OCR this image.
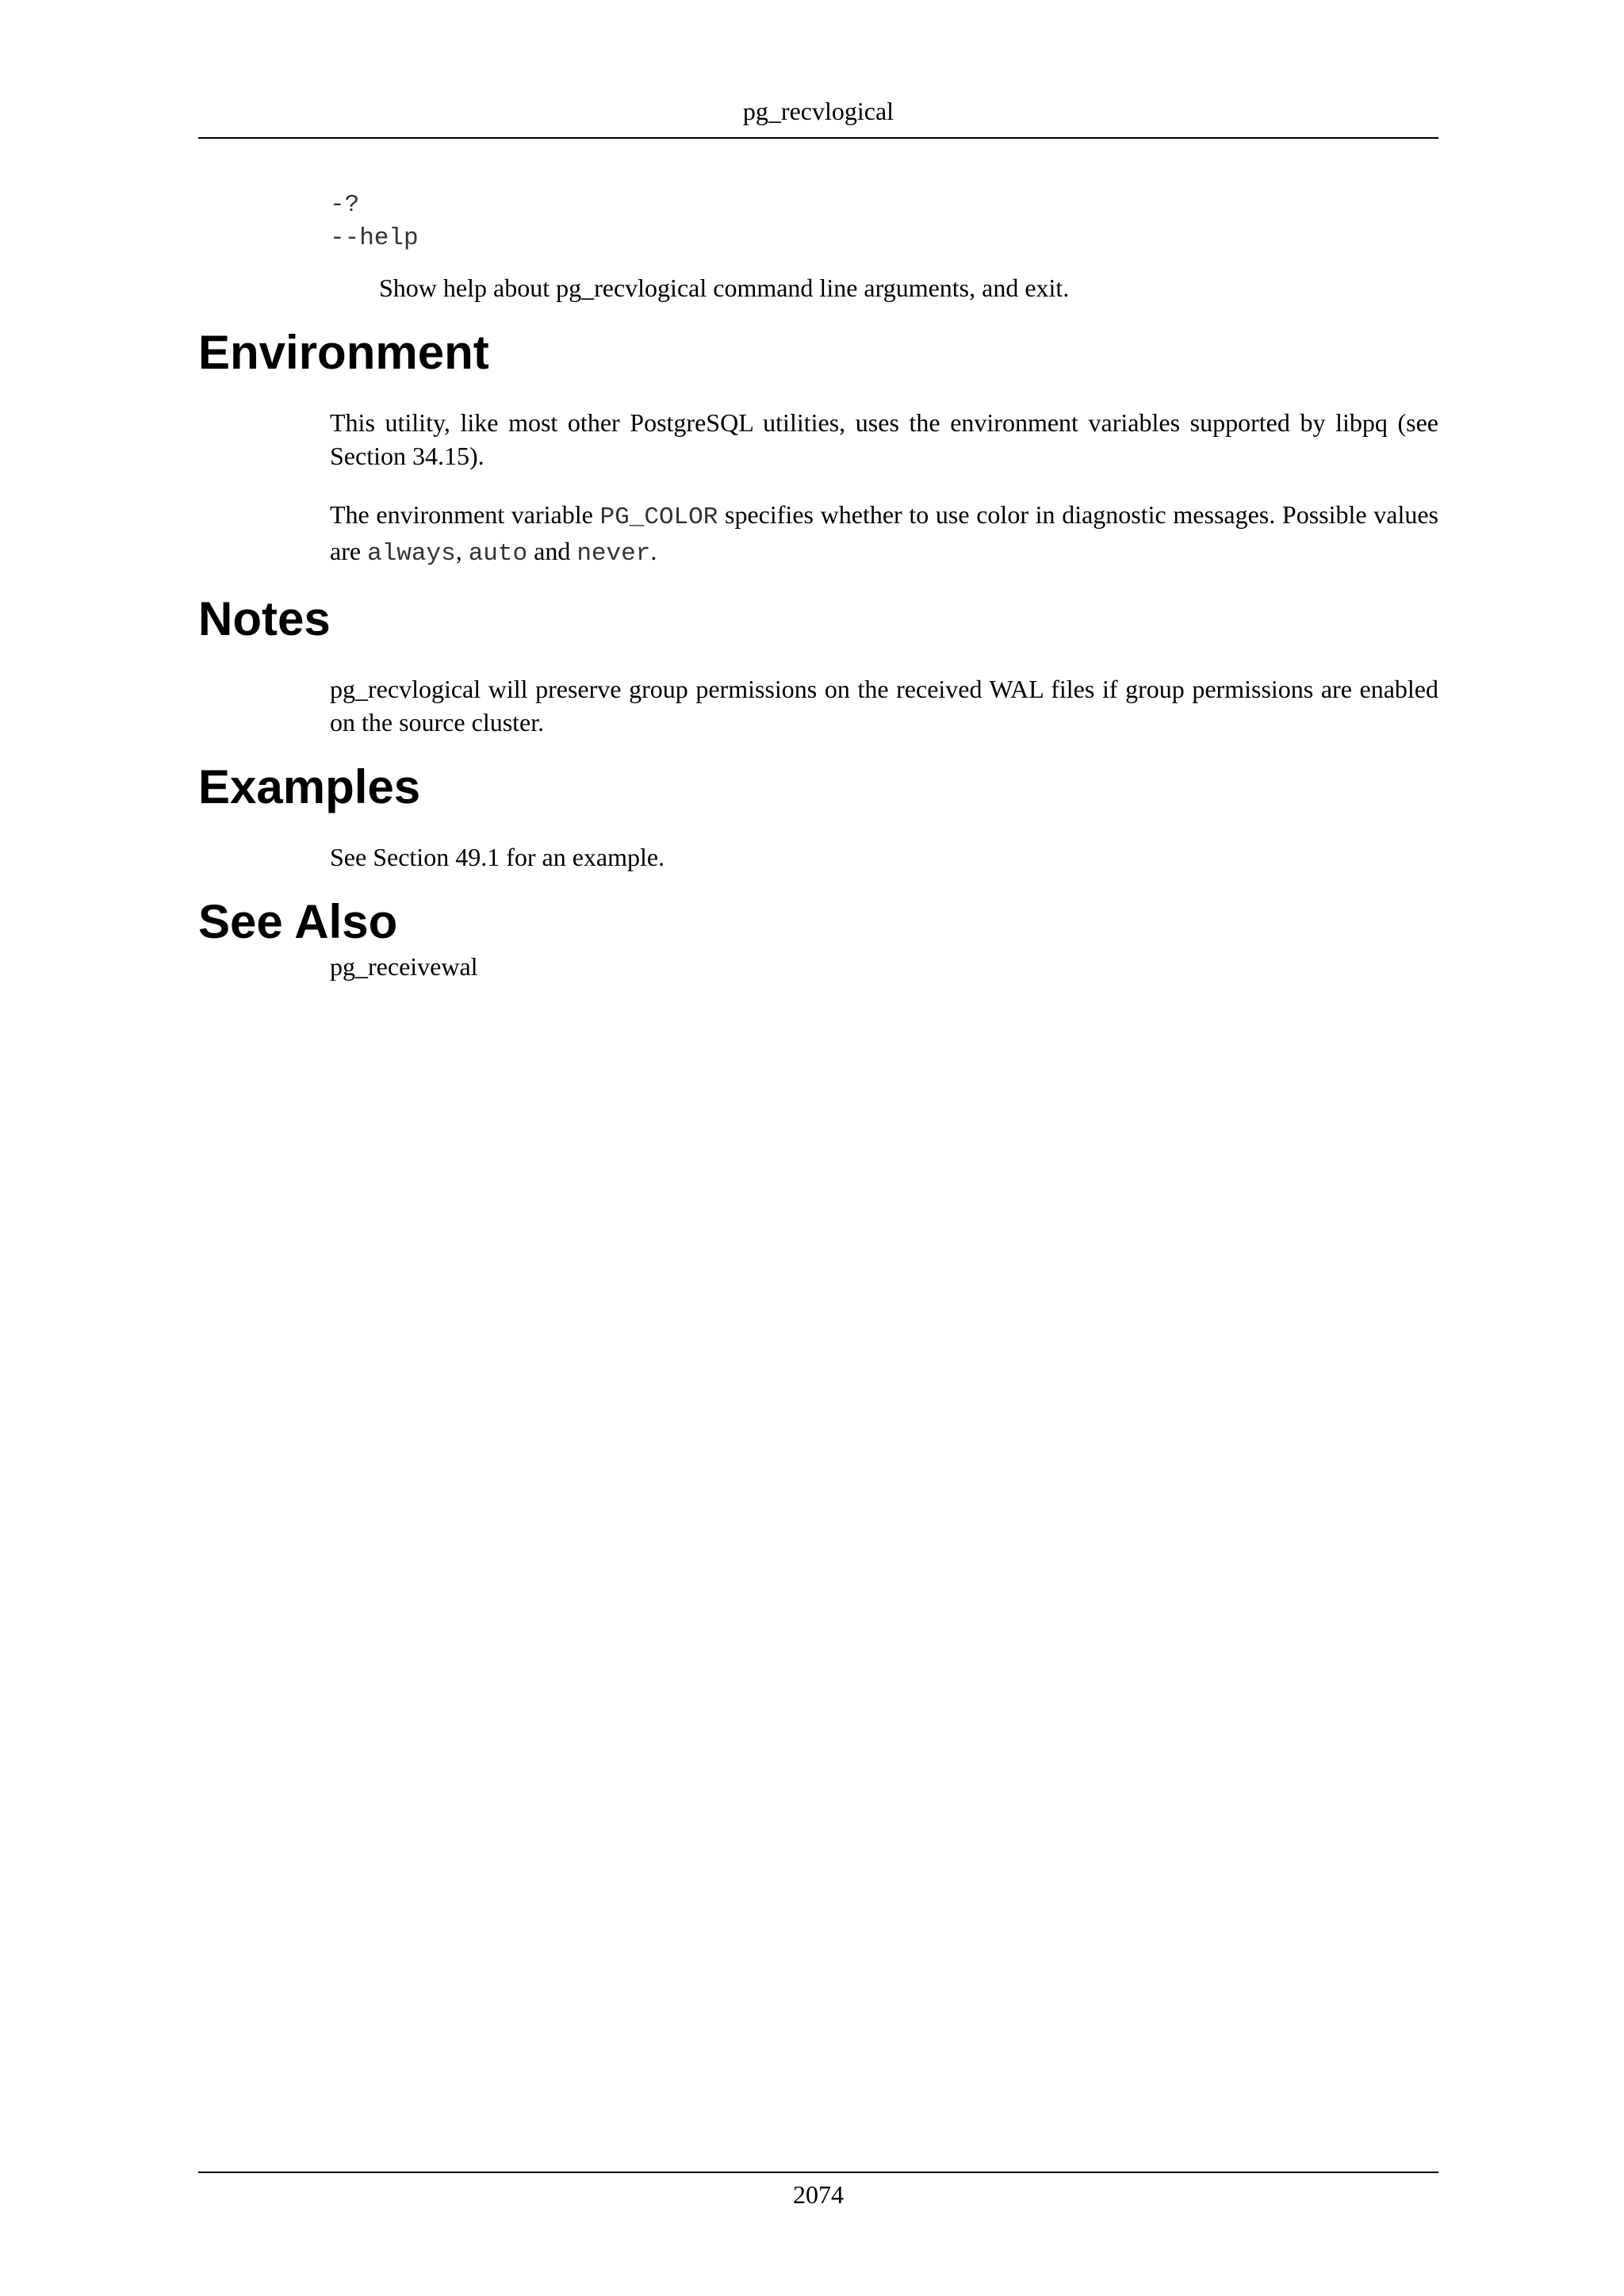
pg_recvlogical
-?
--help
Show help about pg_recvlogical command line arguments, and exit.
Environment

This utility, like most other PostgreSQL utilities, uses the environment variables supported by libpq (see Section 34.15).

The environment variable PG_COLOR specifies whether to use color in diagnostic messages. Possible values are always, auto and never.

Notes

pg_recvlogical will preserve group permissions on the received WAL files if group permissions are enabled on the source cluster.

Examples

See Section 49.1 for an example.

See Also
pg_receivewal
2074
